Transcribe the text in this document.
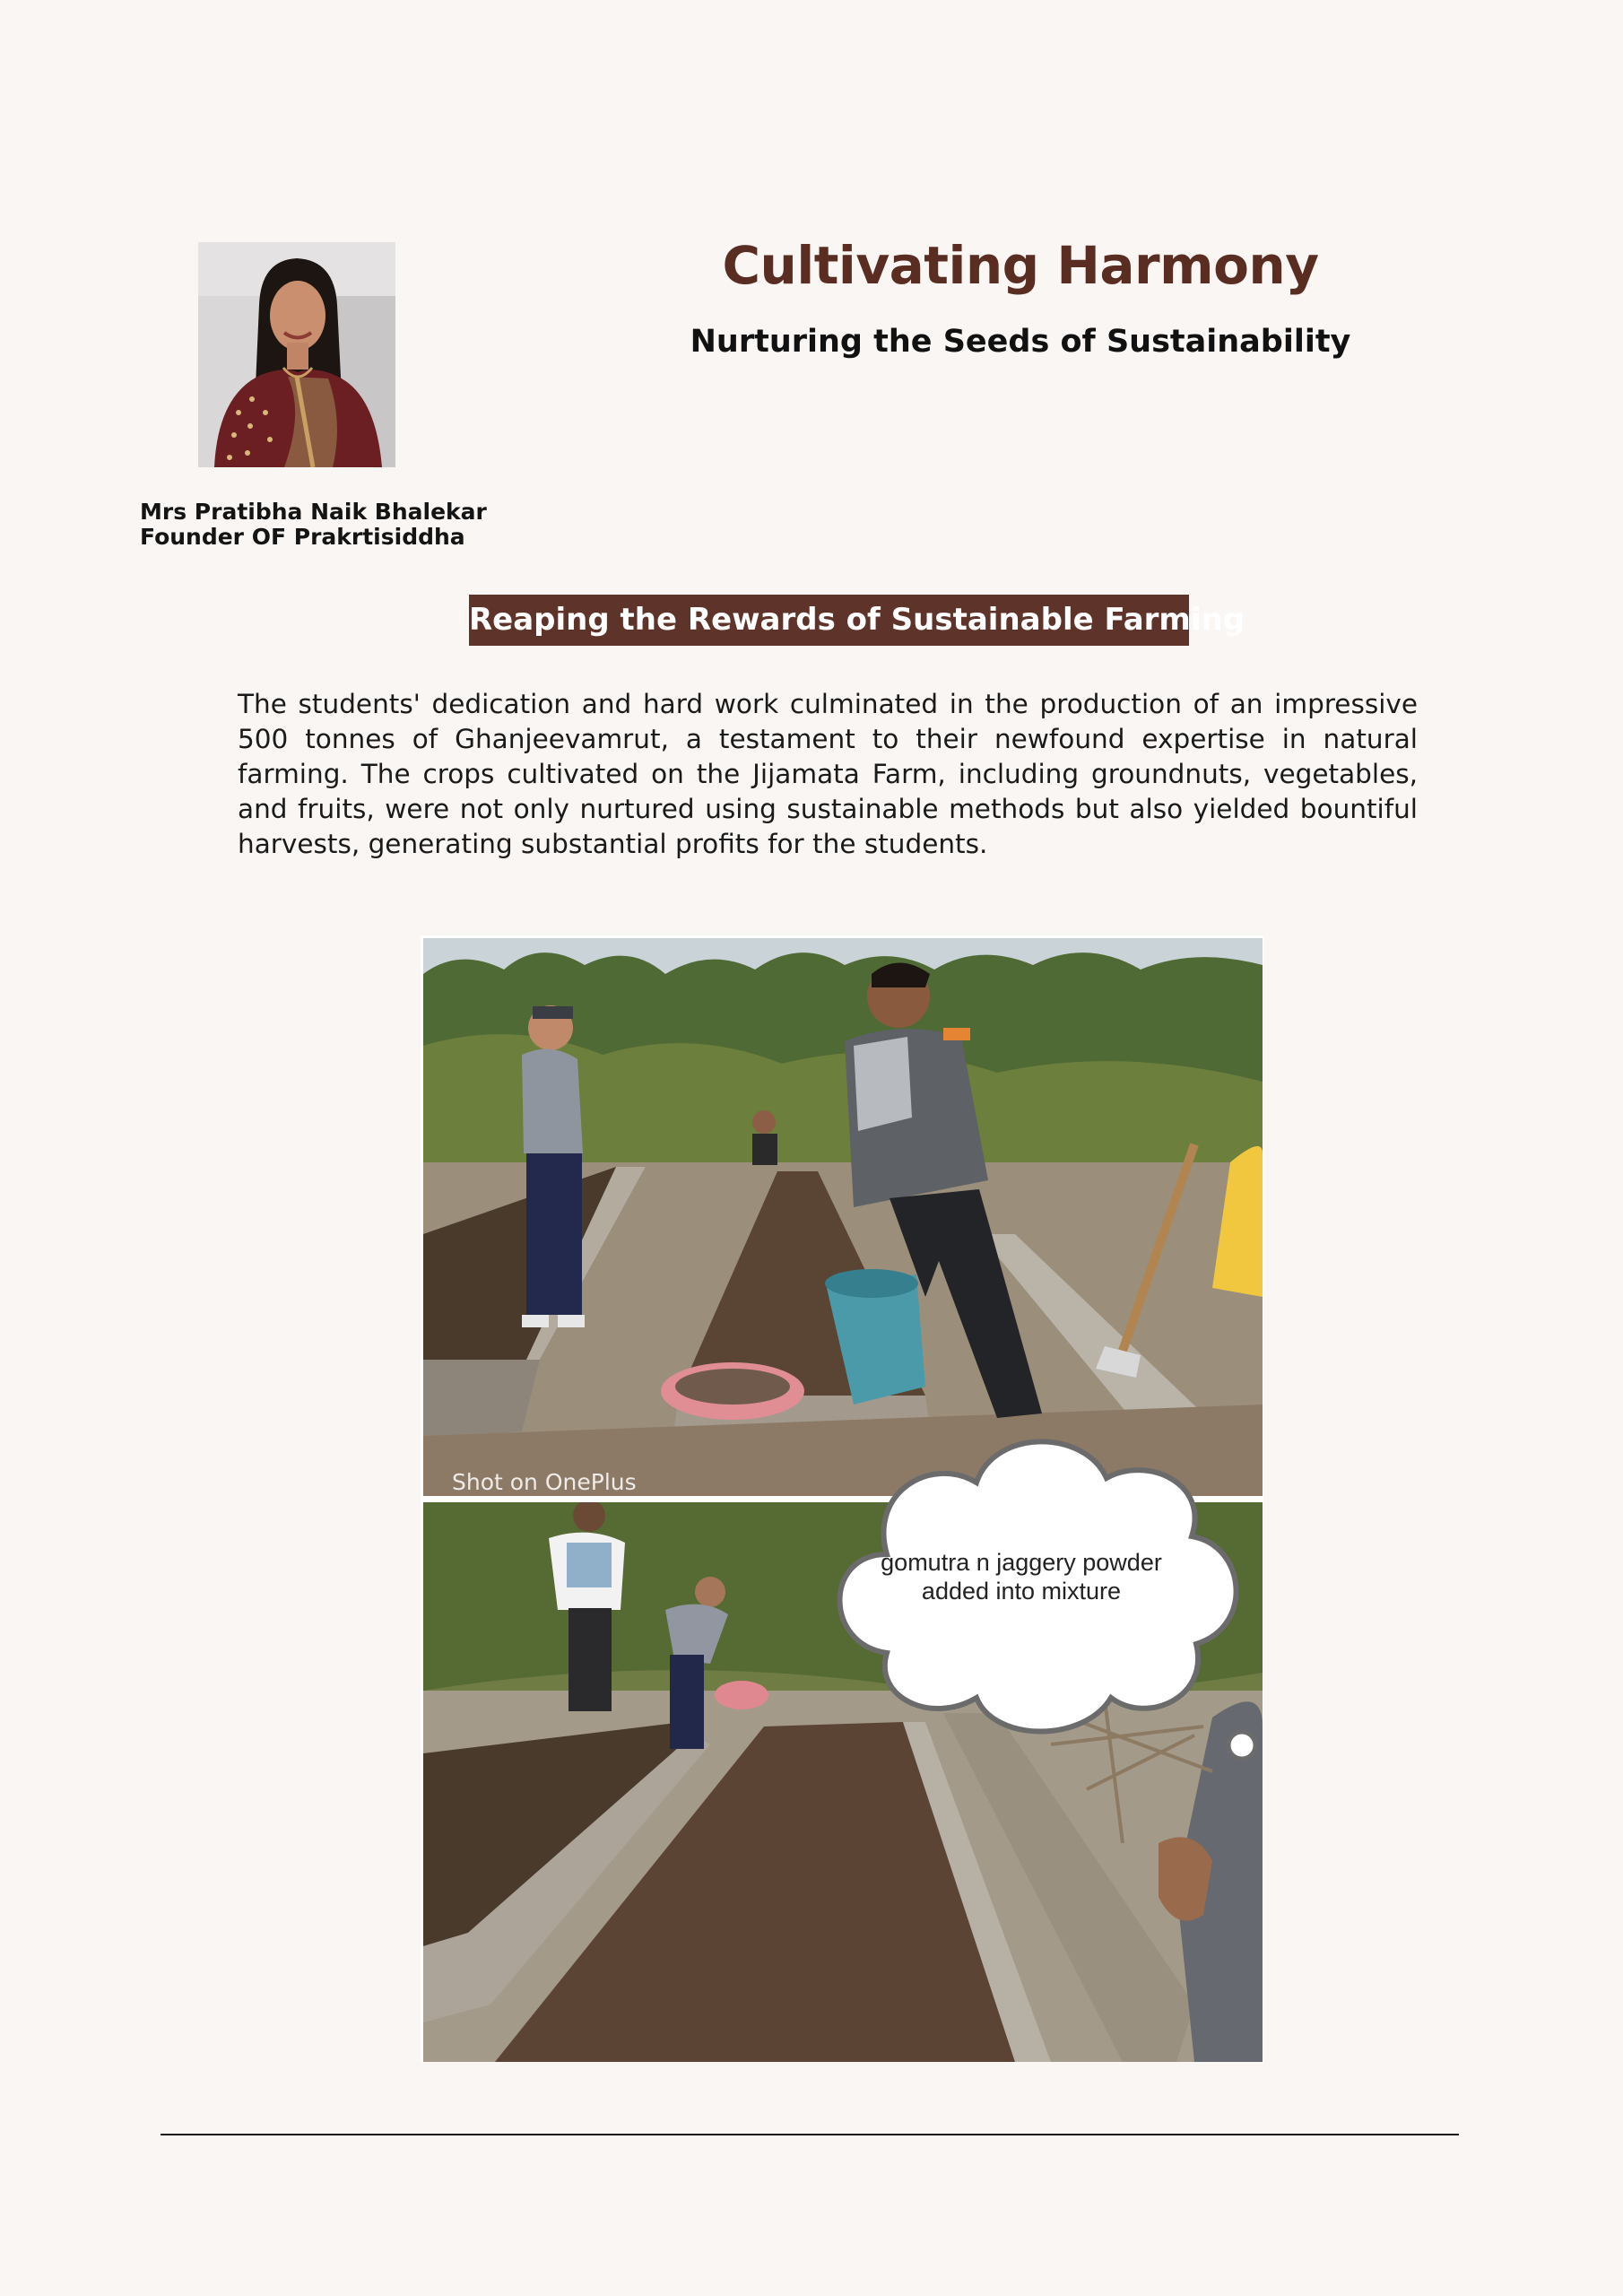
Mrs Pratibha Naik Bhalekar
Founder OF Prakrtisiddha
Cultivating Harmony
Nurturing the Seeds of Sustainability
Reaping the Rewards of Sustainable Farming
The students' dedication and hard work culminated in the production of an impressive 500 tonnes of Ghanjeevamrut, a testament to their newfound expertise in natural farming. The crops cultivated on the Jijamata Farm, including groundnuts, vegetables, and fruits, were not only nurtured using sustainable methods but also yielded bountiful harvests, generating substantial profits for the students.
Shot on OnePlus
gomutra n jaggery powder
added into mixture
